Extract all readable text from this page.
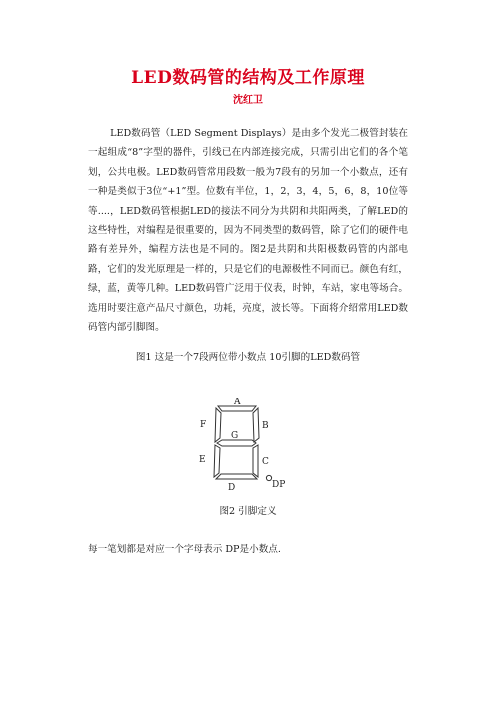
LED数码管的结构及工作原理
沈红卫
LED数码管（LED Segment Displays）是由多个发光二极管封装在一起组成“8”字型的器件，引线已在内部连接完成，只需引出它们的各个笔划，公共电极。LED数码管常用段数一般为7段有的另加一个小数点，还有一种是类似于3位“+1”型。位数有半位，1，2，3，4，5，6，8，10位等等....，LED数码管根据LED的接法不同分为共阴和共阳两类，了解LED的这些特性，对编程是很重要的，因为不同类型的数码管，除了它们的硬件电路有差异外，编程方法也是不同的。图2是共阴和共阳极数码管的内部电路，它们的发光原理是一样的，只是它们的电源极性不同而已。颜色有红，绿，蓝，黄等几种。LED数码管广泛用于仪表，时钟，车站，家电等场合。选用时要注意产品尺寸颜色，功耗，亮度，波长等。下面将介绍常用LED数码管内部引脚图。
图1 这是一个7段两位带小数点 10引脚的LED数码管
A
F	B
G
E	C
D	DP
图2 引脚定义
每一笔划都是对应一个字母表示 DP是小数点.
